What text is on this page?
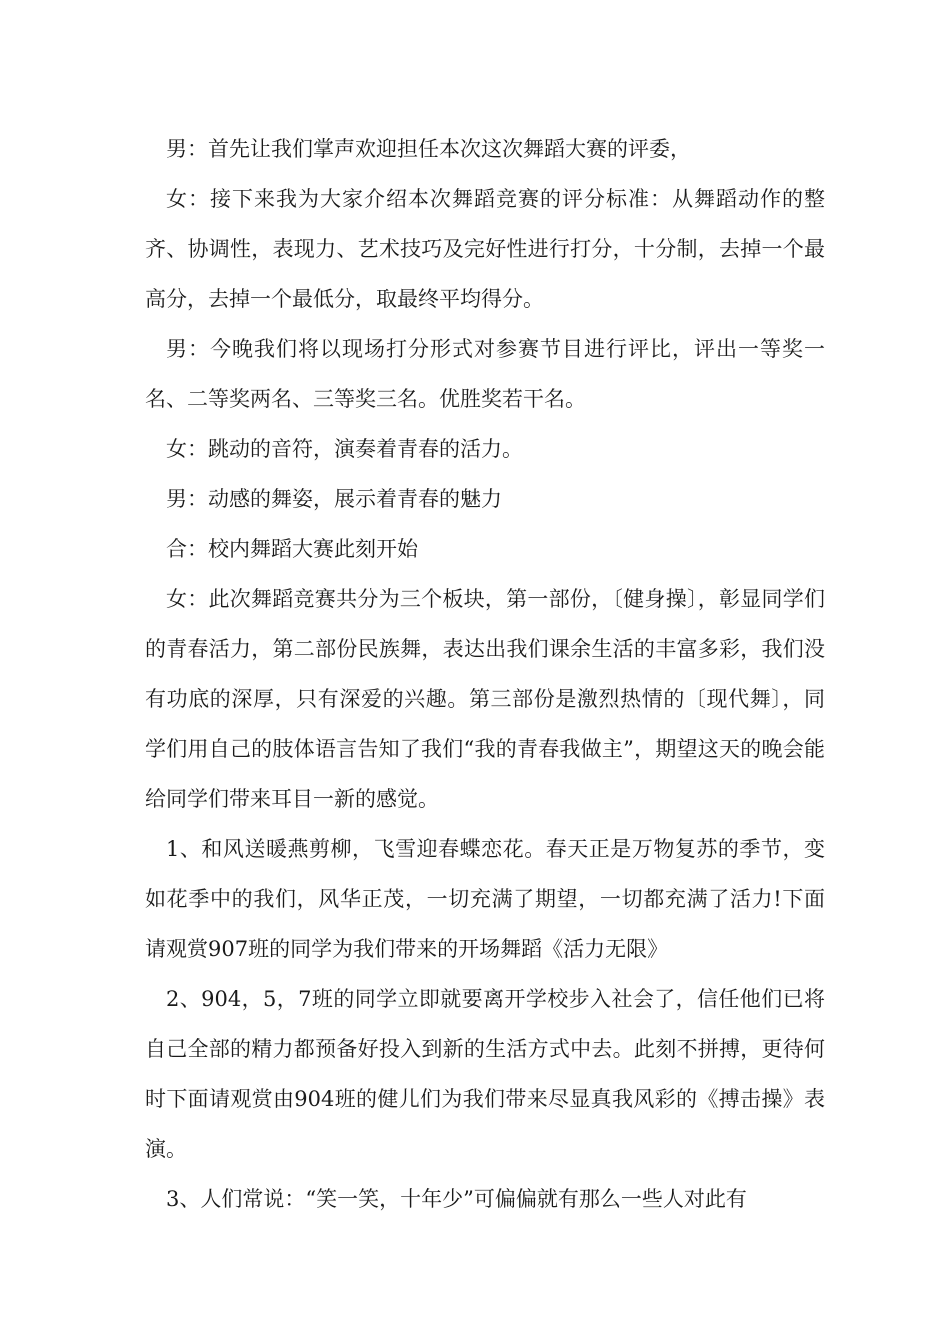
男：首先让我们掌声欢迎担任本次这次舞蹈大赛的评委，

女：接下来我为大家介绍本次舞蹈竞赛的评分标准：从舞蹈动作的整齐、协调性，表现力、艺术技巧及完好性进行打分，十分制，去掉一个最高分，去掉一个最低分，取最终平均得分。

男：今晚我们将以现场打分形式对参赛节目进行评比，评出一等奖一名、二等奖两名、三等奖三名。优胜奖若干名。

女：跳动的音符，演奏着青春的活力。

男：动感的舞姿，展示着青春的魅力

合：校内舞蹈大赛此刻开始

女：此次舞蹈竞赛共分为三个板块，第一部份，〔健身操〕，彰显同学们的青春活力，第二部份民族舞，表达出我们课余生活的丰富多彩，我们没有功底的深厚，只有深爱的兴趣。第三部份是激烈热情的〔现代舞〕，同学们用自己的肢体语言告知了我们“我的青春我做主”，期望这天的晚会能给同学们带来耳目一新的感觉。

1、和风送暖燕剪柳，飞雪迎春蝶恋花。春天正是万物复苏的季节，变如花季中的我们，风华正茂，一切充满了期望，一切都充满了活力!下面请观赏907班的同学为我们带来的开场舞蹈《活力无限》

2、904，5，7班的同学立即就要离开学校步入社会了，信任他们已将自己全部的精力都预备好投入到新的生活方式中去。此刻不拼搏，更待何时下面请观赏由904班的健儿们为我们带来尽显真我风彩的《搏击操》表演。

3、人们常说：“笑一笑，十年少”可偏偏就有那么一些人对此有
